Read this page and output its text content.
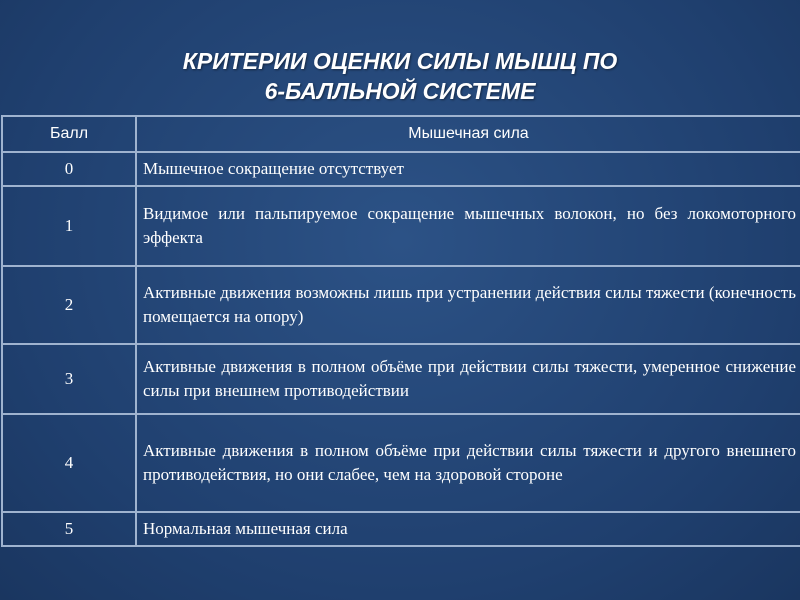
КРИТЕРИИ ОЦЕНКИ СИЛЫ МЫШЦ ПО
6-БАЛЛЬНОЙ СИСТЕМЕ
Балл	Мышечная сила
0	Мышечное сокращение отсутствует
1	Видимое или пальпируемое сокращение мышечных волокон, но без локомоторного эффекта
2	Активные движения возможны лишь при устранении действия силы тяжести (конечность помещается на опору)
3	Активные движения в полном объёме при действии силы тяжести, умеренное снижение силы при внешнем противодействии
4	Активные движения в полном объёме при действии силы тяжести и другого внешнего противодействия, но они слабее, чем на здоровой стороне
5	Нормальная мышечная сила
